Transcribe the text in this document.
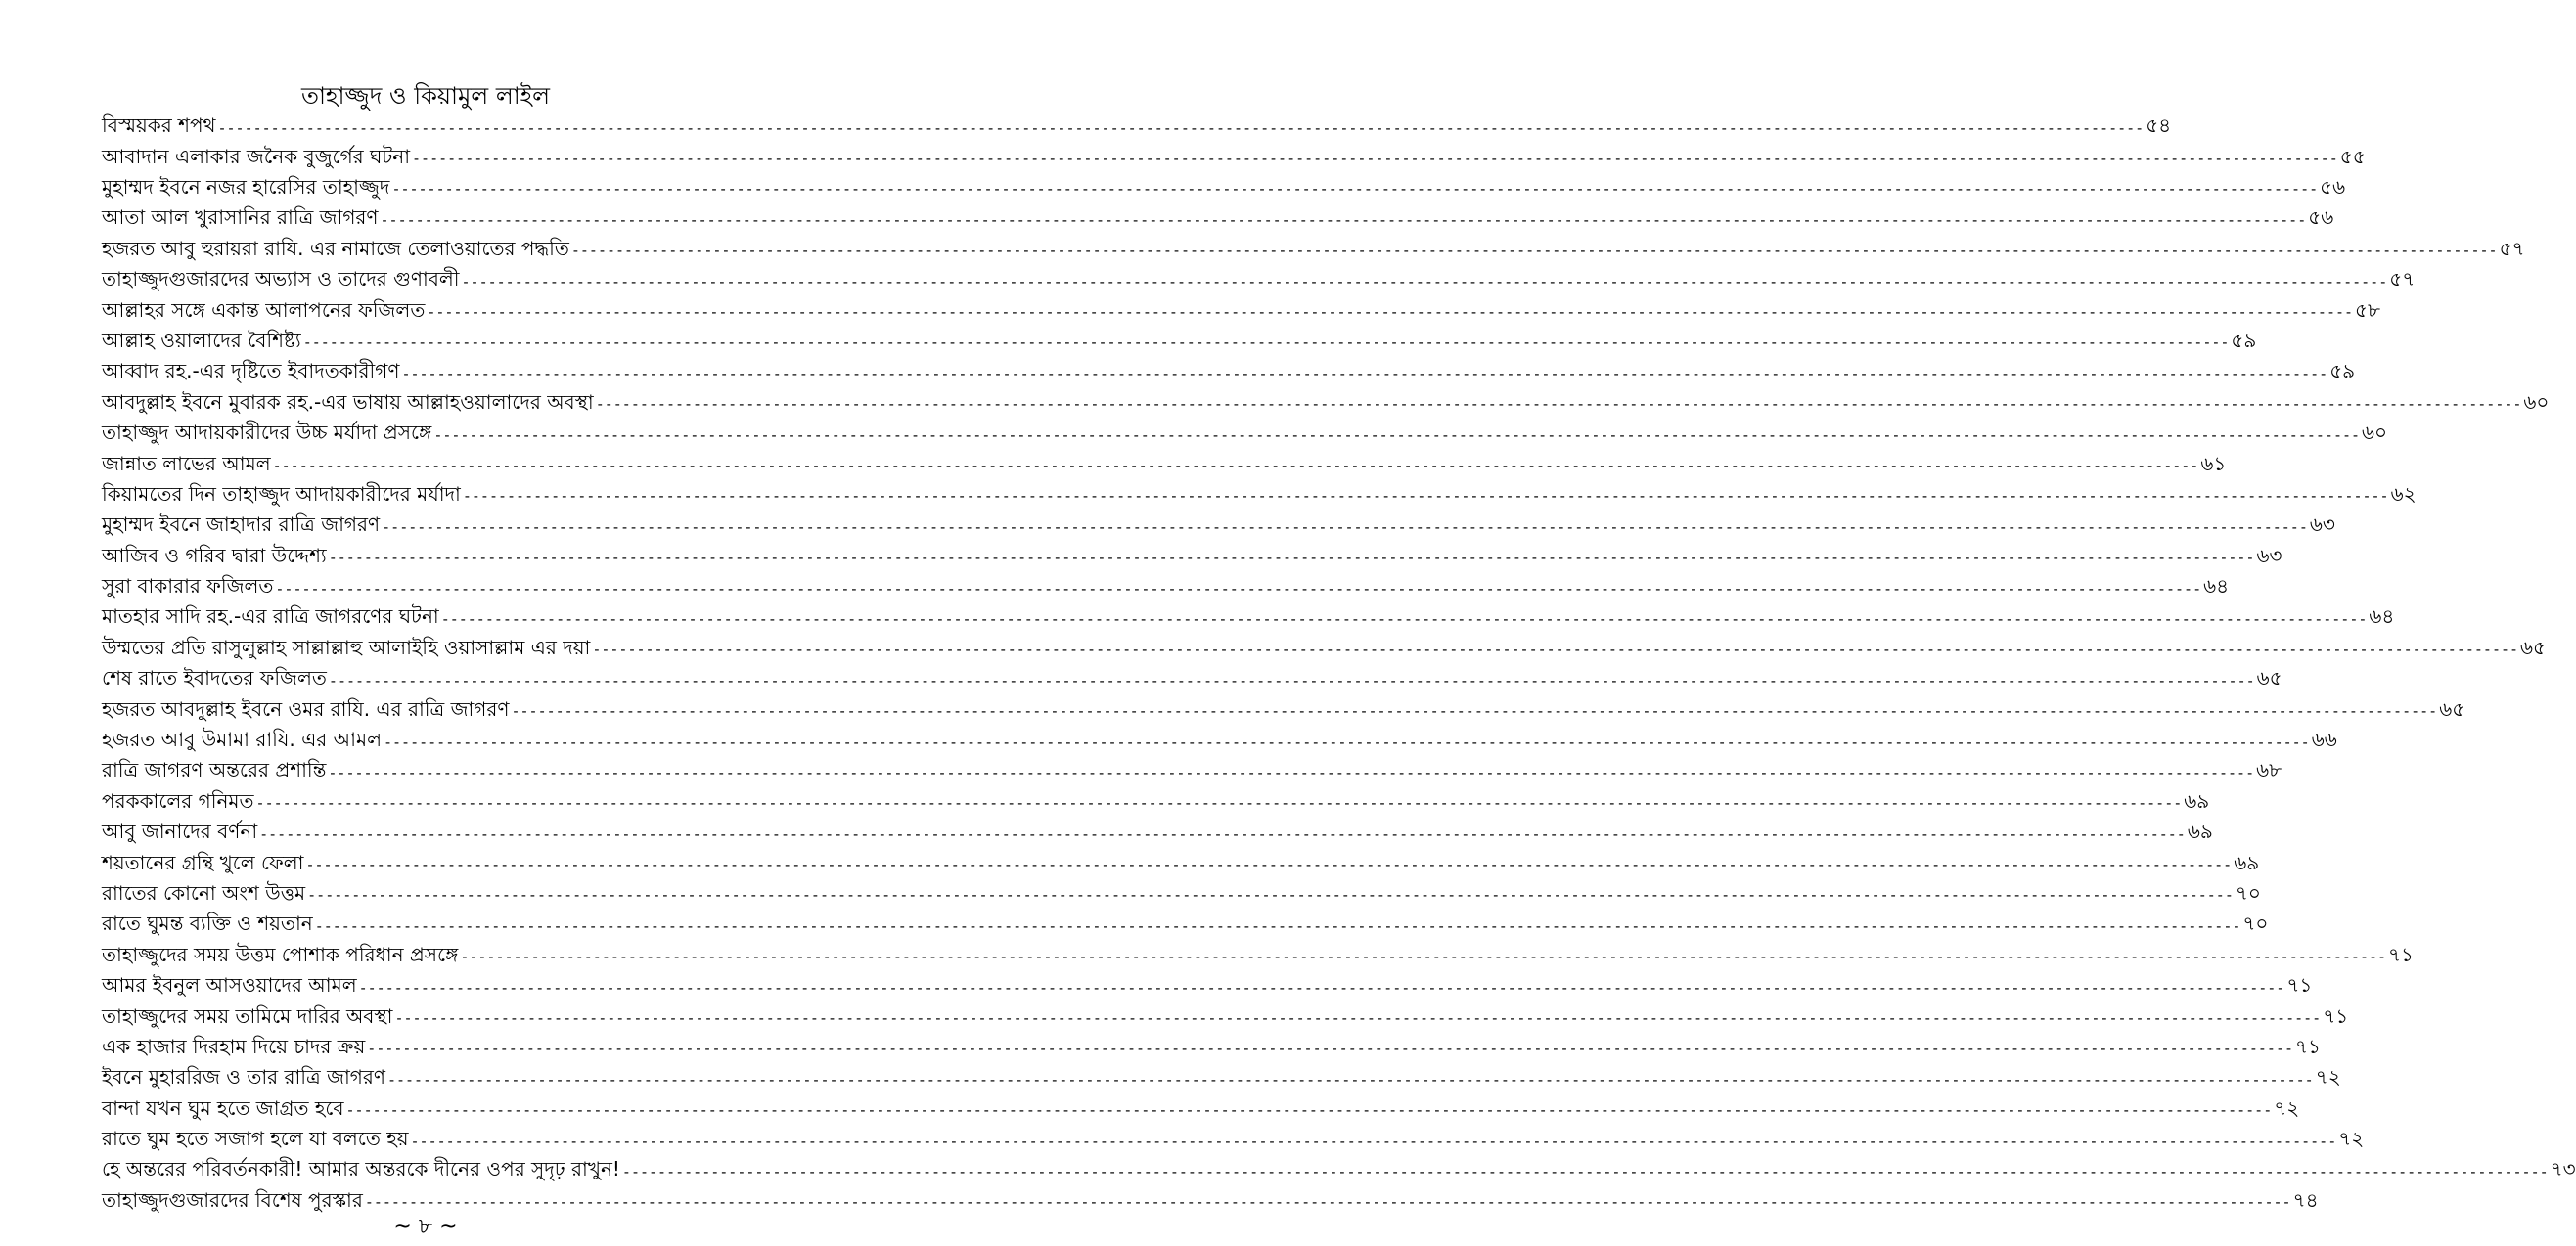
তাহাজ্জুদ ও কিয়ামুল লাইল
বিস্ময়কর শপথ -----	৫৪
আবাদান এলাকার জনৈক বুজুর্গের ঘটনা -----	৫৫
মুহাম্মদ ইবনে নজর হারেসির তাহাজ্জুদ -----	৫৬
আতা আল খুরাসানির রাত্রি জাগরণ -----	৫৬
হজরত আবু হুরায়রা রাযি. এর নামাজে তেলাওয়াতের পদ্ধতি -----	৫৭
তাহাজ্জুদগুজারদের অভ্যাস ও তাদের গুণাবলী -----	৫৭
আল্লাহর সঙ্গে একান্ত আলাপনের ফজিলত -----	৫৮
আল্লাহ ওয়ালাদের বৈশিষ্ট্য -----	৫৯
আব্বাদ রহ.-এর দৃষ্টিতে ইবাদতকারীগণ -----	৫৯
আবদুল্লাহ ইবনে মুবারক রহ.-এর ভাষায় আল্লাহওয়ালাদের অবস্থা -----	৬০
তাহাজ্জুদ আদায়কারীদের উচ্চ মর্যাদা প্রসঙ্গে -----	৬০
জান্নাত লাভের আমল -----	৬১
কিয়ামতের দিন তাহাজ্জুদ আদায়কারীদের মর্যাদা -----	৬২
মুহাম্মদ ইবনে জাহাদার রাত্রি জাগরণ -----	৬৩
আজিব ও গরিব দ্বারা উদ্দেশ্য -----	৬৩
সুরা বাকারার ফজিলত -----	৬৪
মাতহার সাদি রহ.-এর রাত্রি জাগরণের ঘটনা -----	৬৪
উম্মতের প্রতি রাসুলুল্লাহ সাল্লাল্লাহু আলাইহি ওয়াসাল্লাম এর দয়া -----	৬৫
শেষ রাতে ইবাদতের ফজিলত -----	৬৫
হজরত আবদুল্লাহ ইবনে ওমর রাযি. এর রাত্রি জাগরণ -----	৬৫
হজরত আবু উমামা রাযি. এর আমল -----	৬৬
রাত্রি জাগরণ অন্তরের প্রশান্তি -----	৬৮
পরককালের গনিমত -----	৬৯
আবু জানাদের বর্ণনা -----	৬৯
শয়তানের গ্রন্থি খুলে ফেলা -----	৬৯
রাাতের কোনো অংশ উত্তম -----	৭০
রাতে ঘুমন্ত ব্যক্তি ও শয়তান -----	৭০
তাহাজ্জুদের সময় উত্তম পোশাক পরিধান প্রসঙ্গে -----	৭১
আমর ইবনুল আসওয়াদের আমল -----	৭১
তাহাজ্জুদের সময় তামিমে দারির অবস্থা -----	৭১
এক হাজার দিরহাম দিয়ে চাদর ক্রয় -----	৭১
ইবনে মুহাররিজ ও তার রাত্রি জাগরণ -----	৭২
বান্দা যখন ঘুম হতে জাগ্রত হবে -----	৭২
রাতে ঘুম হতে সজাগ হলে যা বলতে হয় -----	৭২
হে অন্তরের পরিবর্তনকারী! আমার অন্তরকে দীনের ওপর সুদৃঢ় রাখুন! -----	৭৩
তাহাজ্জুদগুজারদের বিশেষ পুরস্কার -----	৭৪
~ ৮ ~
